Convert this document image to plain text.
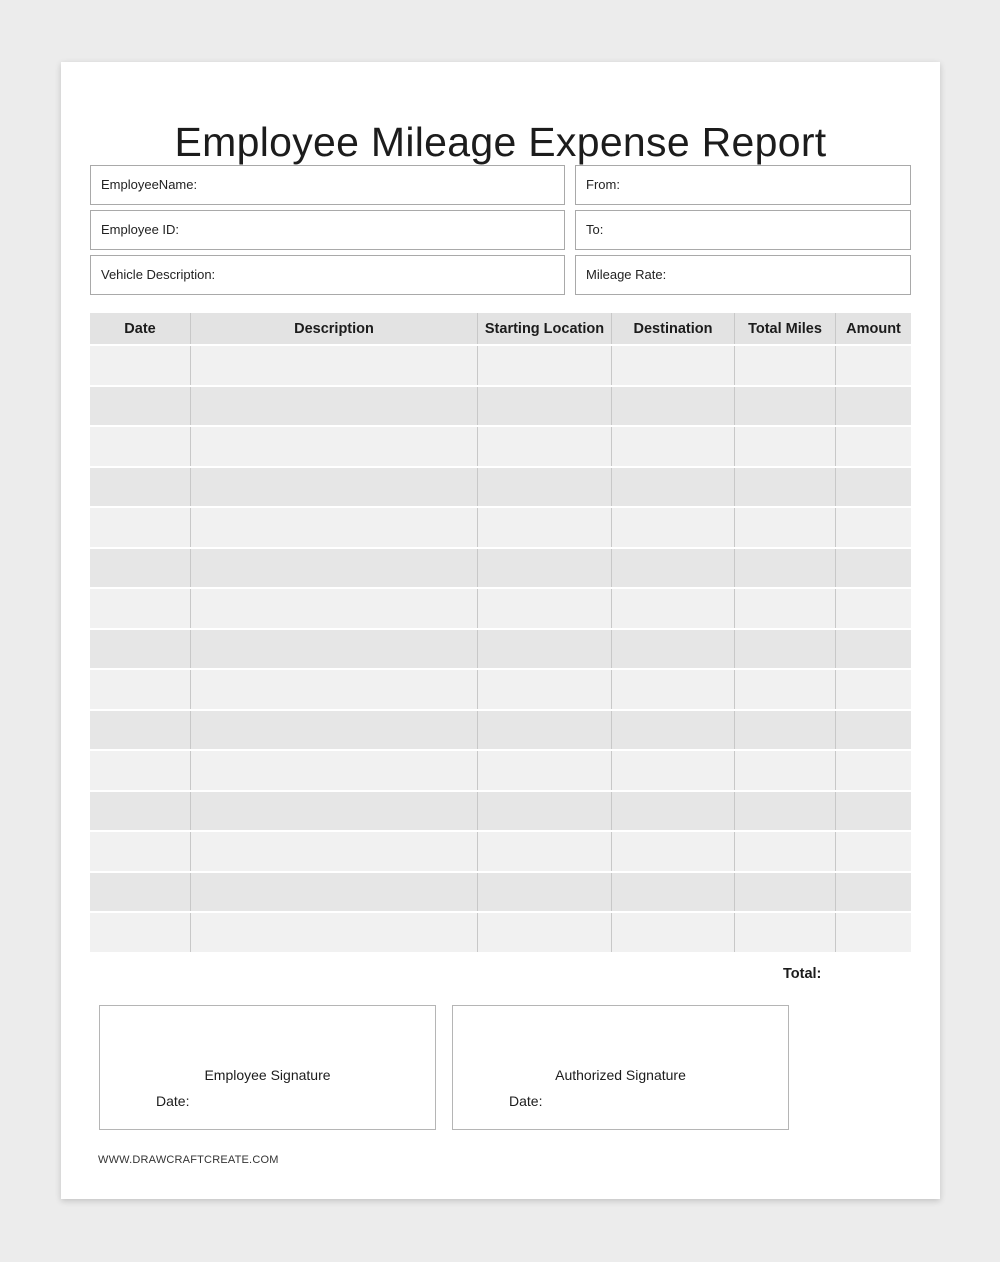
Employee Mileage Expense Report
EmployeeName:
Employee ID:
Vehicle Description:
From:
To:
Mileage Rate:
Date	Description	Starting Location	Destination	Total Miles	Amount
Total:
Employee Signature
Date:
Authorized Signature
Date:
WWW.DRAWCRAFTCREATE.COM
